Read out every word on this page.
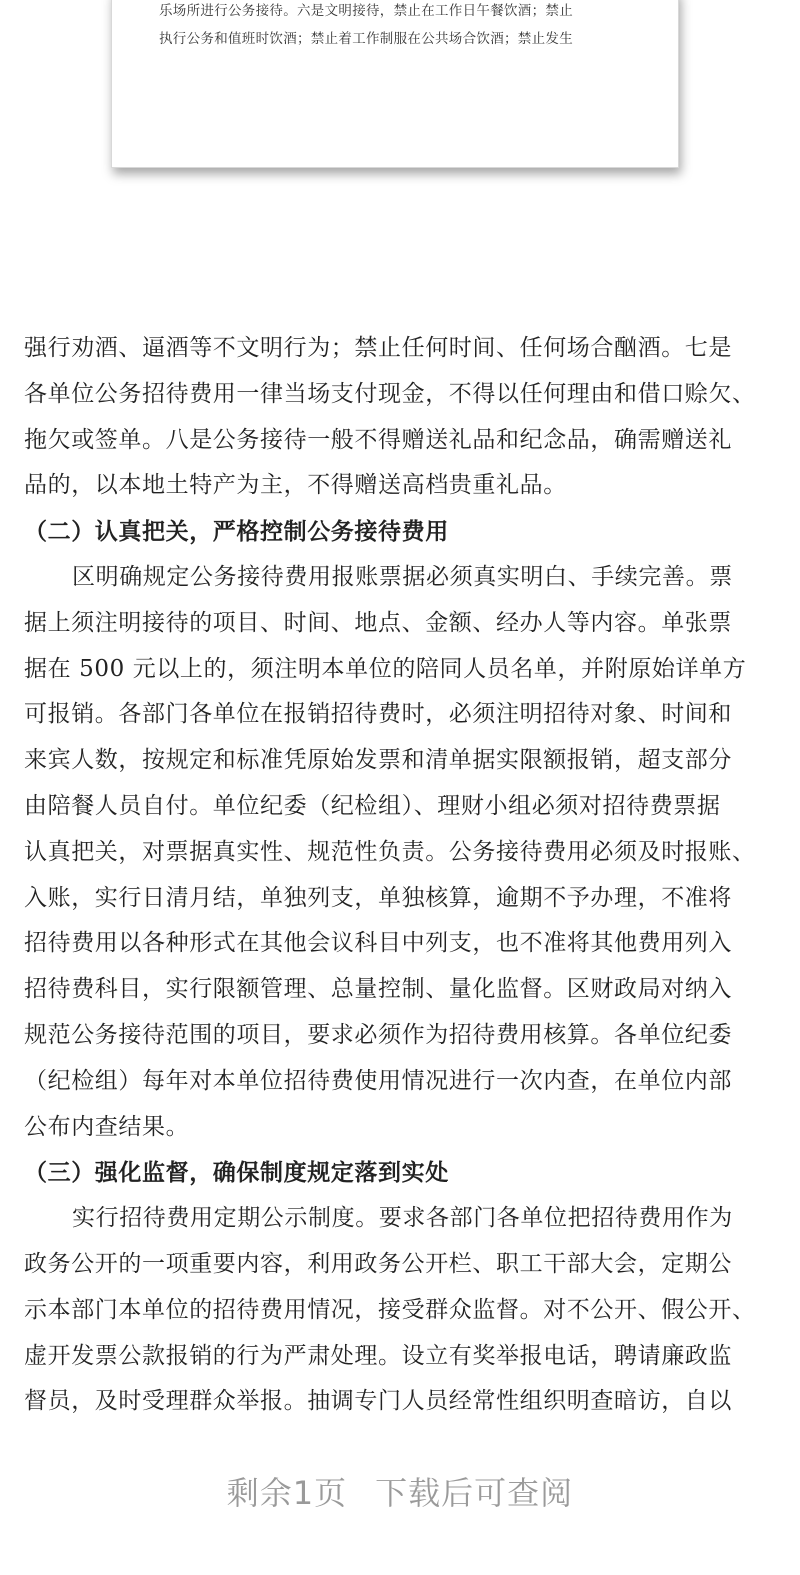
乐场所进行公务接待。六是文明接待，禁止在工作日午餐饮酒；禁止
执行公务和值班时饮酒；禁止着工作制服在公共场合饮酒；禁止发生
强行劝酒、逼酒等不文明行为；禁止任何时间、任何场合酗酒。七是
各单位公务招待费用一律当场支付现金，不得以任何理由和借口赊欠、
拖欠或签单。八是公务接待一般不得赠送礼品和纪念品，确需赠送礼
品的，以本地土特产为主，不得赠送高档贵重礼品。
（二）认真把关，严格控制公务接待费用
区明确规定公务接待费用报账票据必须真实明白、手续完善。票
据上须注明接待的项目、时间、地点、金额、经办人等内容。单张票
据在 500 元以上的，须注明本单位的陪同人员名单，并附原始详单方
可报销。各部门各单位在报销招待费时，必须注明招待对象、时间和
来宾人数，按规定和标准凭原始发票和清单据实限额报销，超支部分
由陪餐人员自付。单位纪委（纪检组）、理财小组必须对招待费票据
认真把关，对票据真实性、规范性负责。公务接待费用必须及时报账、
入账，实行日清月结，单独列支，单独核算，逾期不予办理，不准将
招待费用以各种形式在其他会议科目中列支，也不准将其他费用列入
招待费科目，实行限额管理、总量控制、量化监督。区财政局对纳入
规范公务接待范围的项目，要求必须作为招待费用核算。各单位纪委
（纪检组）每年对本单位招待费使用情况进行一次内查，在单位内部
公布内查结果。
（三）强化监督，确保制度规定落到实处
实行招待费用定期公示制度。要求各部门各单位把招待费用作为
政务公开的一项重要内容，利用政务公开栏、职工干部大会，定期公
示本部门本单位的招待费用情况，接受群众监督。对不公开、假公开、
虚开发票公款报销的行为严肃处理。设立有奖举报电话，聘请廉政监
督员，及时受理群众举报。抽调专门人员经常性组织明查暗访，自以
剩余1页 下载后可查阅
